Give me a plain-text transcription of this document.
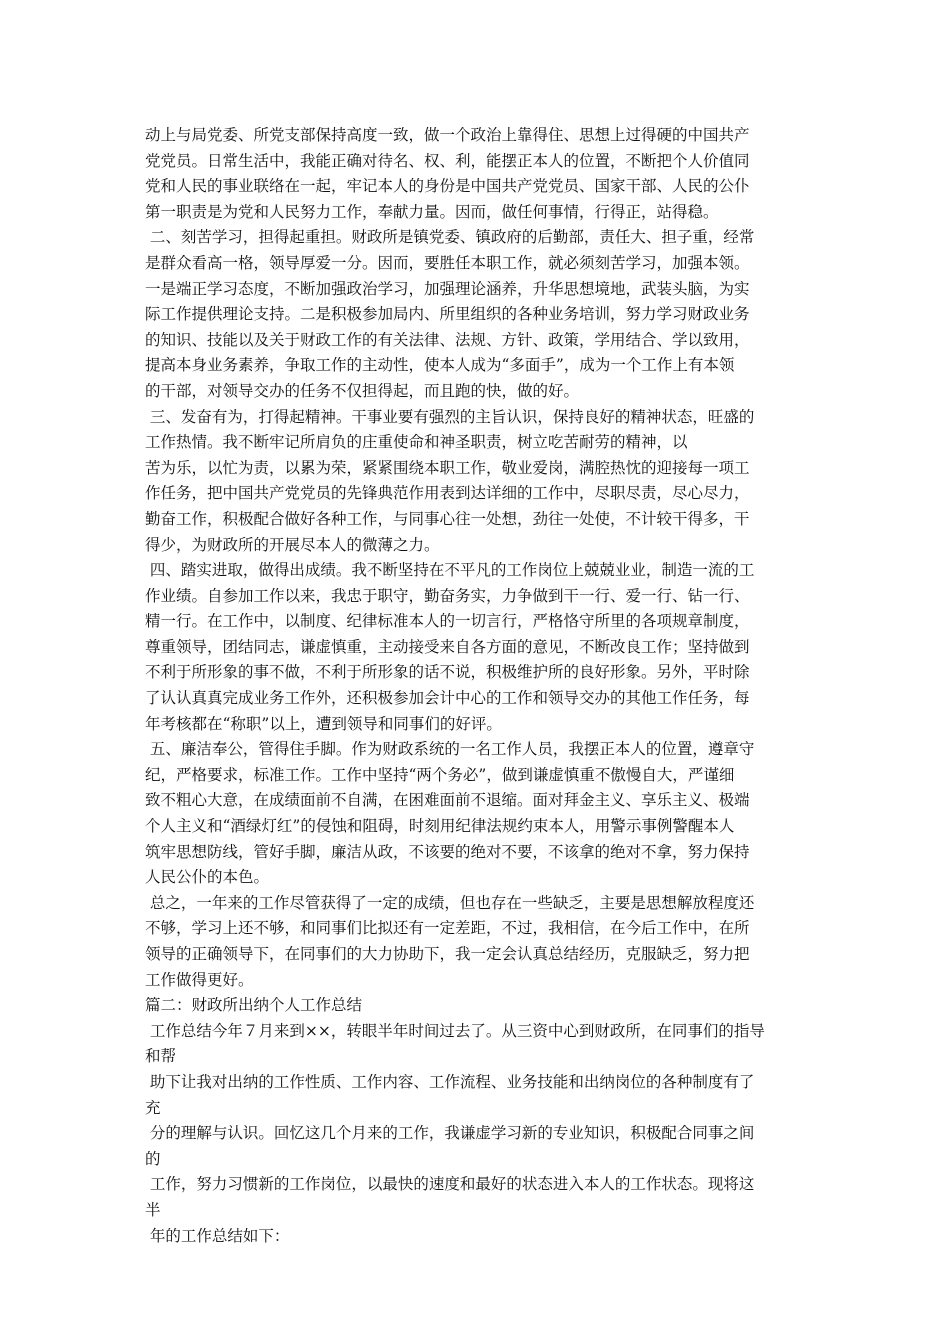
动上与局党委、所党支部保持高度一致，做一个政治上靠得住、思想上过得硬的中国共产
党党员。日常生活中，我能正确对待名、权、利，能摆正本人的位置，不断把个人价值同
党和人民的事业联络在一起，牢记本人的身份是中国共产党党员、国家干部、人民的公仆
第一职责是为党和人民努力工作，奉献力量。因而，做任何事情，行得正，站得稳。
二、刻苦学习，担得起重担。财政所是镇党委、镇政府的后勤部，责任大、担子重，经常
是群众看高一格，领导厚爱一分。因而，要胜任本职工作，就必须刻苦学习，加强本领。
一是端正学习态度，不断加强政治学习，加强理论涵养，升华思想境地，武装头脑，为实
际工作提供理论支持。二是积极参加局内、所里组织的各种业务培训，努力学习财政业务
的知识、技能以及关于财政工作的有关法律、法规、方针、政策，学用结合、学以致用，
提高本身业务素养，争取工作的主动性，使本人成为“多面手”，成为一个工作上有本领
的干部，对领导交办的任务不仅担得起，而且跑的快，做的好。
三、发奋有为，打得起精神。干事业要有强烈的主旨认识，保持良好的精神状态，旺盛的
工作热情。我不断牢记所肩负的庄重使命和神圣职责，树立吃苦耐劳的精神，以
苦为乐，以忙为责，以累为荣，紧紧围绕本职工作，敬业爱岗，满腔热忱的迎接每一项工
作任务，把中国共产党党员的先锋典范作用表到达详细的工作中，尽职尽责，尽心尽力，
勤奋工作，积极配合做好各种工作，与同事心往一处想，劲往一处使，不计较干得多，干
得少，为财政所的开展尽本人的微薄之力。
四、踏实进取，做得出成绩。我不断坚持在不平凡的工作岗位上兢兢业业，制造一流的工
作业绩。自参加工作以来，我忠于职守，勤奋务实，力争做到干一行、爱一行、钻一行、
精一行。在工作中，以制度、纪律标准本人的一切言行，严格恪守所里的各项规章制度，
尊重领导，团结同志，谦虚慎重，主动接受来自各方面的意见，不断改良工作；坚持做到
不利于所形象的事不做，不利于所形象的话不说，积极维护所的良好形象。另外，平时除
了认认真真完成业务工作外，还积极参加会计中心的工作和领导交办的其他工作任务，每
年考核都在“称职”以上，遭到领导和同事们的好评。
五、廉洁奉公，管得住手脚。作为财政系统的一名工作人员，我摆正本人的位置，遵章守
纪，严格要求，标准工作。工作中坚持“两个务必”，做到谦虚慎重不傲慢自大，严谨细
致不粗心大意，在成绩面前不自满，在困难面前不退缩。面对拜金主义、享乐主义、极端
个人主义和“酒绿灯红”的侵蚀和阻碍，时刻用纪律法规约束本人，用警示事例警醒本人
筑牢思想防线，管好手脚，廉洁从政，不该要的绝对不要，不该拿的绝对不拿，努力保持
人民公仆的本色。
总之，一年来的工作尽管获得了一定的成绩，但也存在一些缺乏，主要是思想解放程度还
不够，学习上还不够，和同事们比拟还有一定差距，不过，我相信，在今后工作中，在所
领导的正确领导下，在同事们的大力协助下，我一定会认真总结经历，克服缺乏，努力把
工作做得更好。
篇二：财政所出纳个人工作总结
工作总结今年７月来到××，转眼半年时间过去了。从三资中心到财政所，在同事们的指导
和帮
助下让我对出纳的工作性质、工作内容、工作流程、业务技能和出纳岗位的各种制度有了
充
分的理解与认识。回忆这几个月来的工作，我谦虚学习新的专业知识，积极配合同事之间
的
工作，努力习惯新的工作岗位，以最快的速度和最好的状态进入本人的工作状态。现将这
半
年的工作总结如下：
